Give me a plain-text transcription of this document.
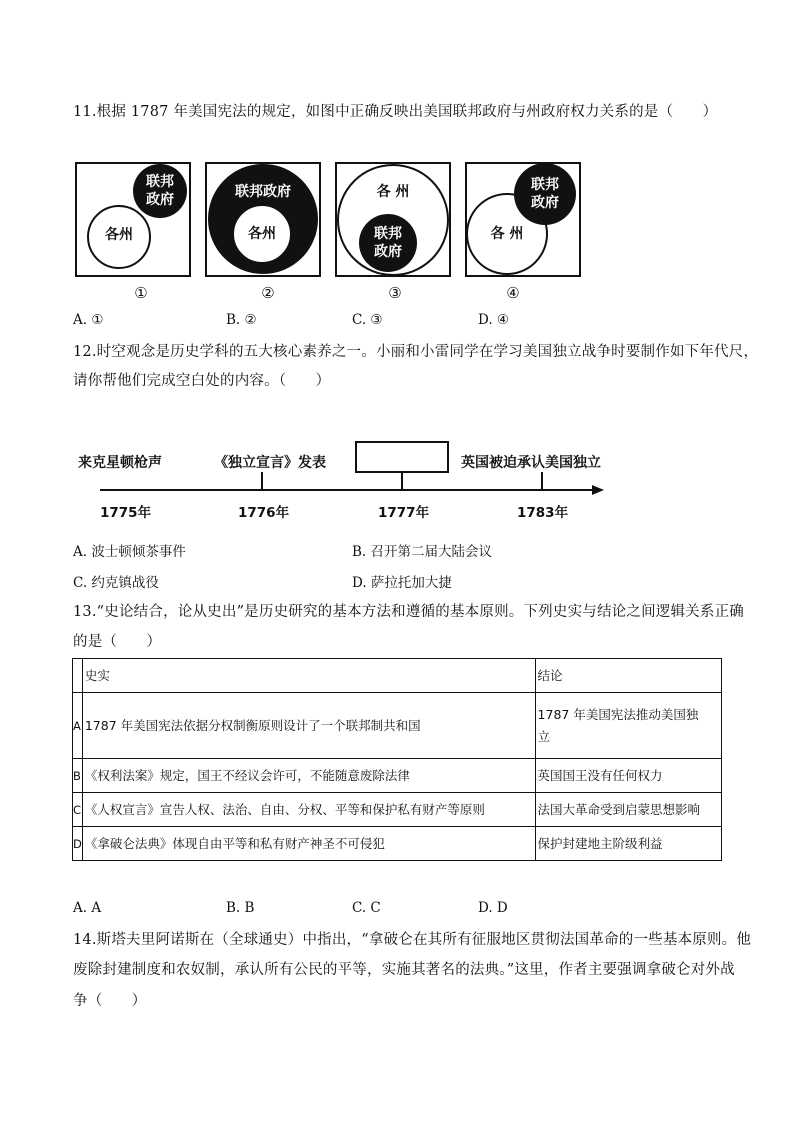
11.根据 1787 年美国宪法的规定，如图中正确反映出美国联邦政府与州政府权力关系的是（　　）
各州
联邦
政府	联邦政府
各州
各 州
联邦
政府
各 州
联邦
政府
①	②	③	④
A. ①	B. ②	C. ③	D. ④
12.时空观念是历史学科的五大核心素养之一。小丽和小雷同学在学习美国独立战争时要制作如下年代尺，
请你帮他们完成空白处的内容。（　　）
来克星顿枪声	《独立宣言》发表	英国被迫承认美国独立
1775年	1776年	1777年	1783年
A. 波士顿倾茶事件	B. 召开第二届大陆会议
C. 约克镇战役	D. 萨拉托加大捷
13.“史论结合，论从史出”是历史研究的基本方法和遵循的基本原则。下列史实与结论之间逻辑关系正确
的是（　　）
	史实	结论
A	1787 年美国宪法依据分权制衡原则设计了一个联邦制共和国	1787 年美国宪法推动美国独
立

B	《权利法案》规定，国王不经议会许可，不能随意废除法律	英国国王没有任何权力
C	《人权宣言》宣告人权、法治、自由、分权、平等和保护私有财产等原则	法国大革命受到启蒙思想影响
D	《拿破仑法典》体现自由平等和私有财产神圣不可侵犯	保护封建地主阶级利益
A. A	B. B	C. C	D. D
14.斯塔夫里阿诺斯在（全球通史）中指出，“拿破仑在其所有征服地区贯彻法国革命的一些基本原则。他
废除封建制度和农奴制，承认所有公民的平等，实施其著名的法典。”这里，作者主要强调拿破仑对外战
争（　　）
